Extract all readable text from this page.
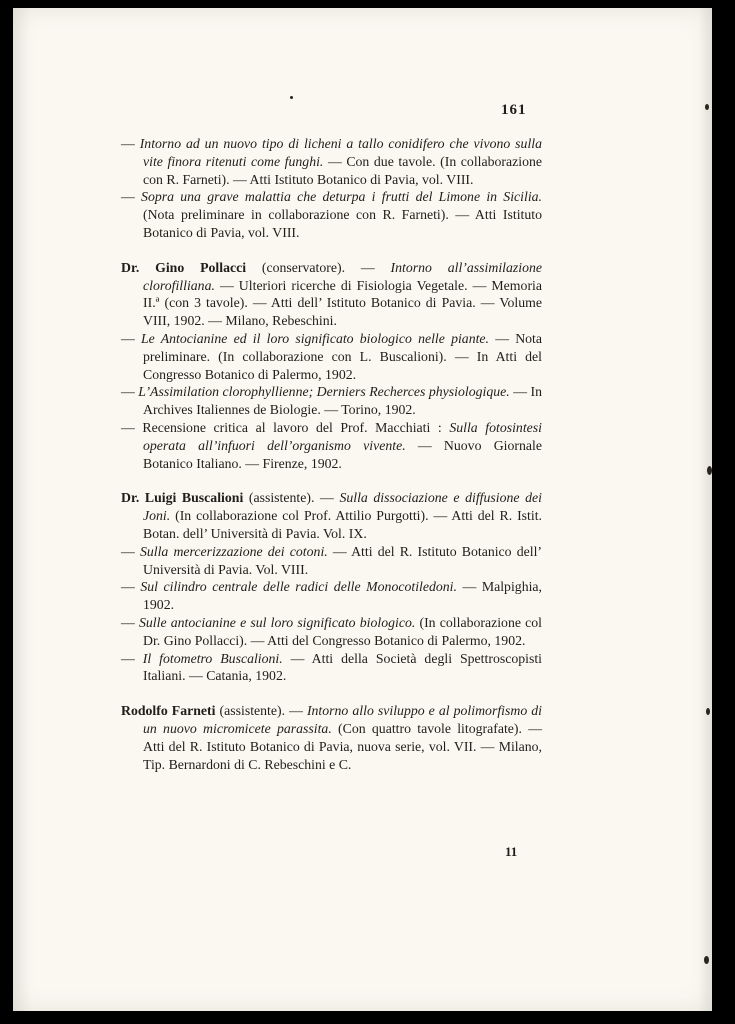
161

— Intorno ad un nuovo tipo di licheni a tallo conidifero che vivono sulla vite finora ritenuti come funghi. — Con due tavole. (In collaborazione con R. Farneti). — Atti Istituto Botanico di Pavia, vol. VIII.

— Sopra una grave malattia che deturpa i frutti del Limone in Sicilia. (Nota preliminare in collaborazione con R. Farneti). — Atti Istituto Botanico di Pavia, vol. VIII.

Dr. Gino Pollacci (conservatore). — Intorno all’assimilazione clorofilliana. — Ulteriori ricerche di Fisiologia Vegetale. — Memoria II.ª (con 3 tavole). — Atti dell’ Istituto Botanico di Pavia. — Volume VIII, 1902. — Milano, Rebeschini.

— Le Antocianine ed il loro significato biologico nelle piante. — Nota preliminare. (In collaborazione con L. Buscalioni). — In Atti del Congresso Botanico di Palermo, 1902.

— L’Assimilation clorophyllienne; Derniers Recherces physiologique. — In Archives Italiennes de Biologie. — Torino, 1902.

— Recensione critica al lavoro del Prof. Macchiati : Sulla fotosintesi operata all’infuori dell’organismo vivente. — Nuovo Giornale Botanico Italiano. — Firenze, 1902.

Dr. Luigi Buscalioni (assistente). — Sulla dissociazione e diffusione dei Joni. (In collaborazione col Prof. Attilio Purgotti). — Atti del R. Istit. Botan. dell’ Università di Pavia. Vol. IX.

— Sulla mercerizzazione dei cotoni. — Atti del R. Istituto Botanico dell’ Università di Pavia. Vol. VIII.

— Sul cilindro centrale delle radici delle Monocotiledoni. — Malpighia, 1902.

— Sulle antocianine e sul loro significato biologico. (In collaborazione col Dr. Gino Pollacci). — Atti del Congresso Botanico di Palermo, 1902.

— Il fotometro Buscalioni. — Atti della Società degli Spettroscopisti Italiani. — Catania, 1902.

Rodolfo Farneti (assistente). — Intorno allo sviluppo e al polimorfismo di un nuovo micromicete parassita. (Con quattro tavole litografate). — Atti del R. Istituto Botanico di Pavia, nuova serie, vol. VII. — Milano, Tip. Bernardoni di C. Rebeschini e C.

11
